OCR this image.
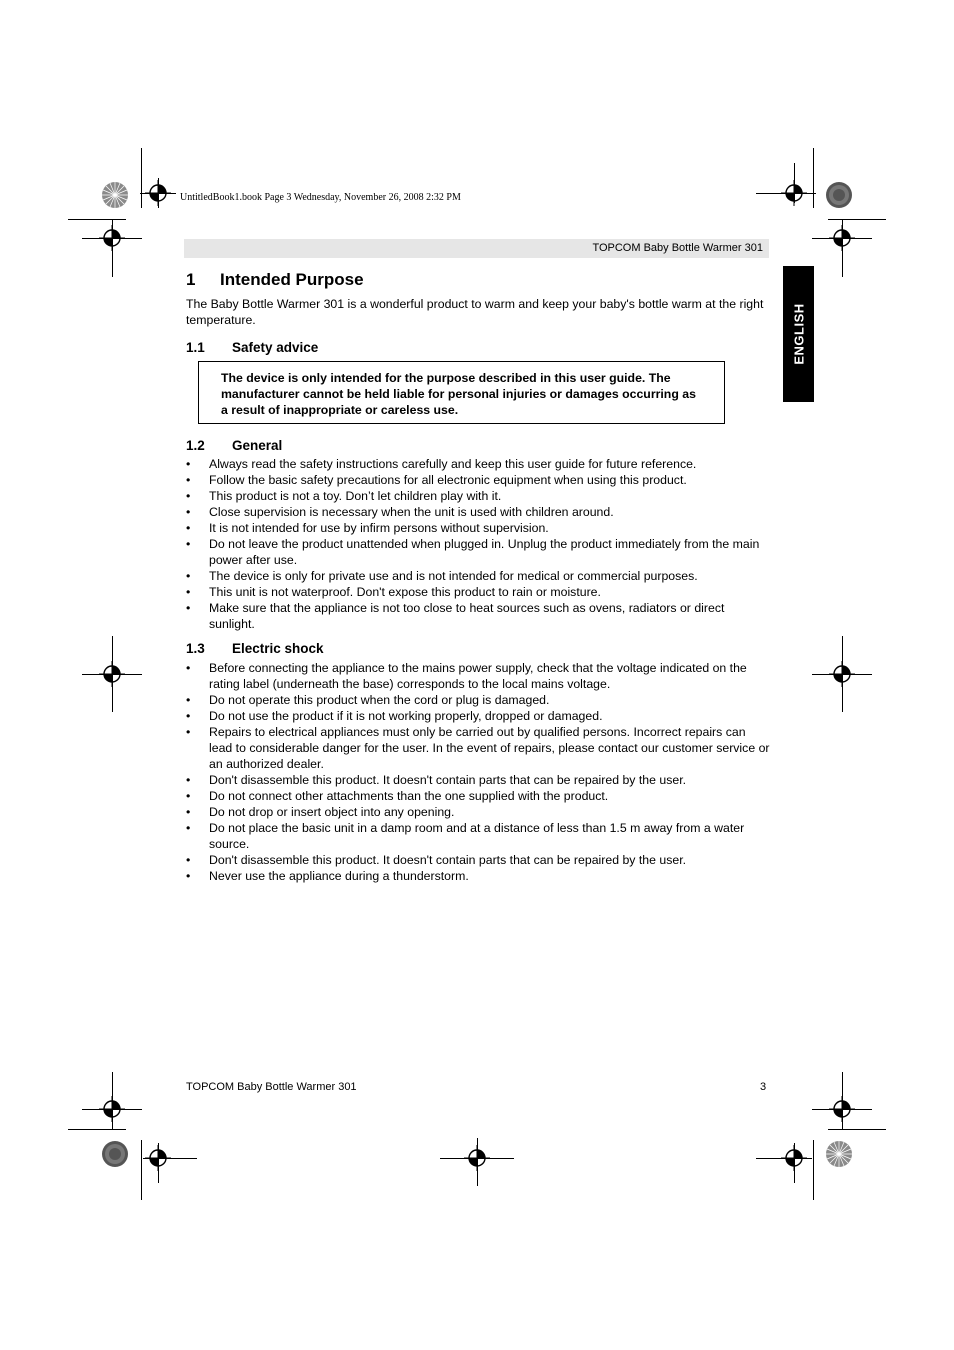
UntitledBook1.book Page 3 Wednesday, November 26, 2008 2:32 PM
TOPCOM Baby Bottle Warmer 301
ENGLISH
1	Intended Purpose

The Baby Bottle Warmer 301 is a wonderful product to warm and keep your baby's bottle warm at the right temperature.

1.1	Safety advice

The device is only intended for the purpose described in this user guide. The manufacturer cannot be held liable for personal injuries or damages occurring as a result of inappropriate or careless use.

1.2	General
• Always read the safety instructions carefully and keep this user guide for future reference.
• Follow the basic safety precautions for all electronic equipment when using this product.
• This product is not a toy. Don’t let children play with it.
• Close supervision is necessary when the unit is used with children around.
• It is not intended for use by infirm persons without supervision.
• Do not leave the product unattended when plugged in. Unplug the product immediately from the main power after use.
• The device is only for private use and is not intended for medical or commercial purposes.
• This unit is not waterproof. Don't expose this product to rain or moisture.
• Make sure that the appliance is not too close to heat sources such as ovens, radiators or direct sunlight.
1.3	Electric shock
• Before connecting the appliance to the mains power supply, check that the voltage indicated on the rating label (underneath the base) corresponds to the local mains voltage.
• Do not operate this product when the cord or plug is damaged.
• Do not use the product if it is not working properly, dropped or damaged.
• Repairs to electrical appliances must only be carried out by qualified persons. Incorrect repairs can lead to considerable danger for the user. In the event of repairs, please contact our customer service or an authorized dealer.
• Don't disassemble this product. It doesn't contain parts that can be repaired by the user.
• Do not connect other attachments than the one supplied with the product.
• Do not drop or insert object into any opening.
• Do not place the basic unit in a damp room and at a distance of less than 1.5 m away from a water source.
• Don't disassemble this product. It doesn't contain parts that can be repaired by the user.
• Never use the appliance during a thunderstorm.
TOPCOM Baby Bottle Warmer 301	3
